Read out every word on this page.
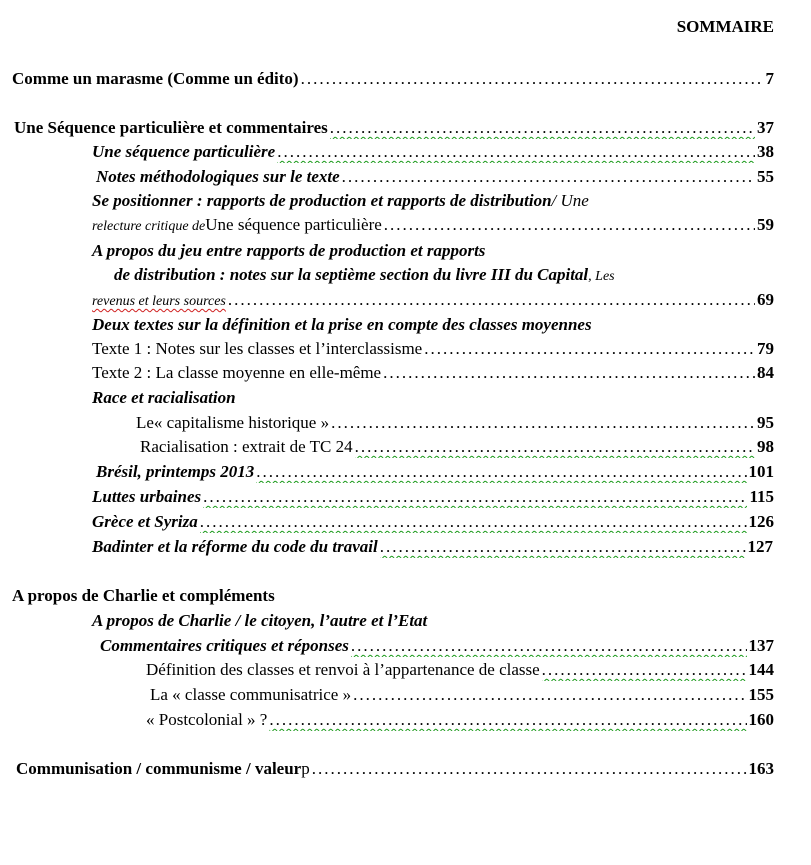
SOMMAIRE
Comme un marasme (Comme un édito) .....	7
Une Séquence particulière et commentaires .....	37
Une séquence particulière .....	38
Notes méthodologiques sur le texte .....	55
Se positionner : rapports de production et rapports de distribution / Une
relecture critique de Une séquence particulière .....	59
A propos du jeu entre rapports de production et rapports
de distribution : notes sur la septième section du livre III du Capital , Les
revenus et leurs sources .....	69
Deux textes sur la définition et la prise en compte des classes moyennes
Texte 1 : Notes sur les classes et l’interclassisme .....	79
Texte 2 : La classe moyenne en elle-même .....	84
Race et racialisation
Le« capitalisme historique » .....	95
Racialisation : extrait de TC 24 .....	98
Brésil, printemps 2013 .....	101
Luttes urbaines .....	115
Grèce et Syriza .....	126
Badinter et la réforme du code du travail .....	127
A propos de Charlie et compléments
A propos de Charlie / le citoyen, l’autre et l’Etat
Commentaires critiques et réponses .....	137
Définition des classes et renvoi à l’appartenance de classe .....	144
La « classe communisatrice » .....	155
« Postcolonial » ? .....	160
Communisation / communisme / valeur p .....	163
